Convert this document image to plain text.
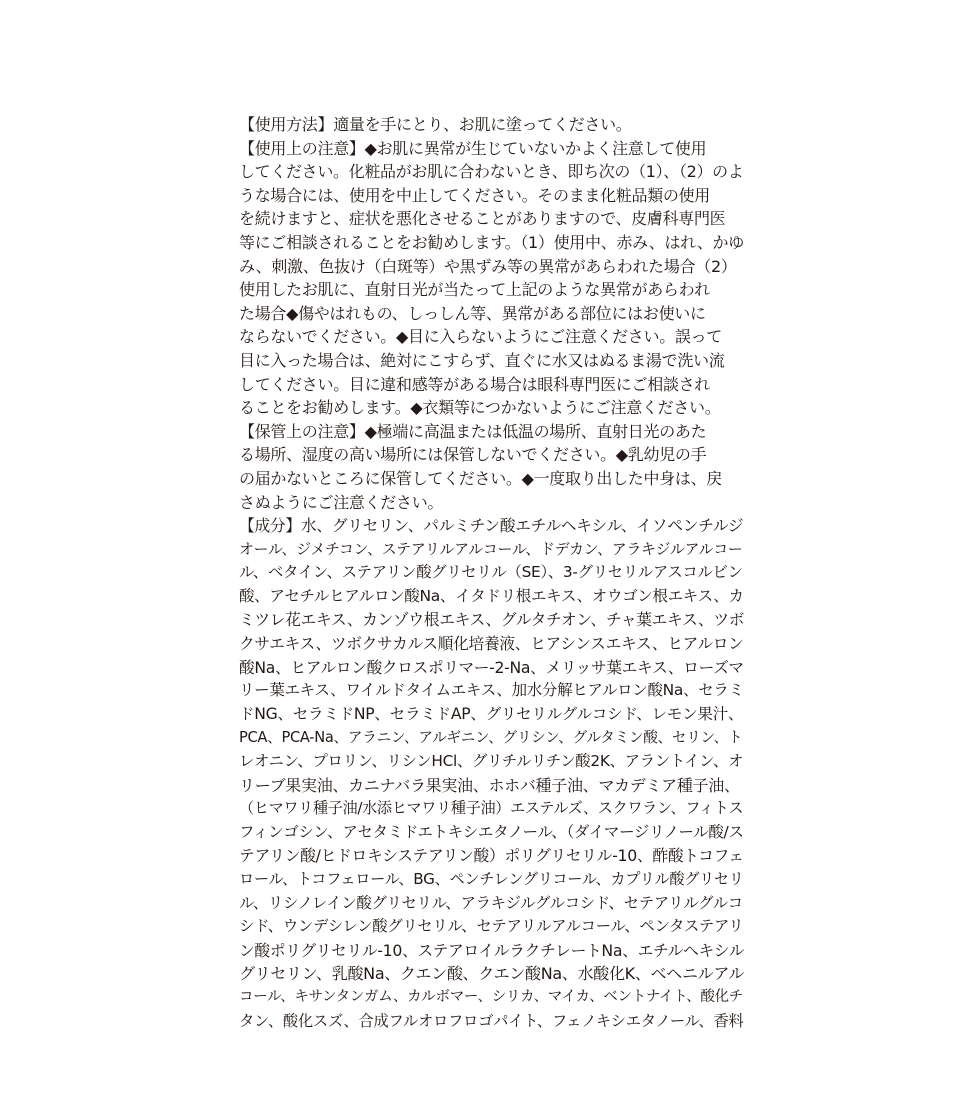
【使用方法】適量を手にとり、お肌に塗ってください。
【使用上の注意】◆お肌に異常が生じていないかよく注意して使用
してください。化粧品がお肌に合わないとき、即ち次の（1）、（2）のよ
うな場合には、使用を中止してください。そのまま化粧品類の使用
を続けますと、症状を悪化させることがありますので、皮膚科専門医
等にご相談されることをお勧めします。（1）使用中、赤み、はれ、かゆ
み、刺激、色抜け（白斑等）や黒ずみ等の異常があらわれた場合（2）
使用したお肌に、直射日光が当たって上記のような異常があらわれ
た場合◆傷やはれもの、しっしん等、異常がある部位にはお使いに
ならないでください。◆目に入らないようにご注意ください。誤って
目に入った場合は、絶対にこすらず、直ぐに水又はぬるま湯で洗い流
してください。目に違和感等がある場合は眼科専門医にご相談され
ることをお勧めします。◆衣類等につかないようにご注意ください。
【保管上の注意】◆極端に高温または低温の場所、直射日光のあた
る場所、湿度の高い場所には保管しないでください。◆乳幼児の手
の届かないところに保管してください。◆一度取り出した中身は、戻
さぬようにご注意ください。
【成分】水、グリセリン、パルミチン酸エチルヘキシル、イソペンチルジ
オール、ジメチコン、ステアリルアルコール、ドデカン、アラキジルアルコー
ル、ベタイン、ステアリン酸グリセリル（SE）、3-グリセリルアスコルビン
酸、アセチルヒアルロン酸Na、イタドリ根エキス、オウゴン根エキス、カ
ミツレ花エキス、カンゾウ根エキス、グルタチオン、チャ葉エキス、ツボ
クサエキス、ツボクサカルス順化培養液、ヒアシンスエキス、ヒアルロン
酸Na、ヒアルロン酸クロスポリマー-2-Na、メリッサ葉エキス、ローズマ
リー葉エキス、ワイルドタイムエキス、加水分解ヒアルロン酸Na、セラミ
ドNG、セラミドNP、セラミドAP、グリセリルグルコシド、レモン果汁、
PCA、PCA-Na、アラニン、アルギニン、グリシン、グルタミン酸、セリン、ト
レオニン、プロリン、リシンHCl、グリチルリチン酸2K、アラントイン、オ
リーブ果実油、カニナバラ果実油、ホホバ種子油、マカデミア種子油、
（ヒマワリ種子油/水添ヒマワリ種子油）エステルズ、スクワラン、フィトス
フィンゴシン、アセタミドエトキシエタノール、（ダイマージリノール酸/ス
テアリン酸/ヒドロキシステアリン酸）ポリグリセリル-10、酢酸トコフェ
ロール、トコフェロール、BG、ペンチレングリコール、カプリル酸グリセリ
ル、リシノレイン酸グリセリル、アラキジルグルコシド、セテアリルグルコ
シド、ウンデシレン酸グリセリル、セテアリルアルコール、ペンタステアリ
ン酸ポリグリセリル-10、ステアロイルラクチレートNa、エチルヘキシル
グリセリン、乳酸Na、クエン酸、クエン酸Na、水酸化K、ベヘニルアル
コール、キサンタンガム、カルボマー、シリカ、マイカ、ベントナイト、酸化チ
タン、酸化スズ、合成フルオロフロゴパイト、フェノキシエタノール、香料
